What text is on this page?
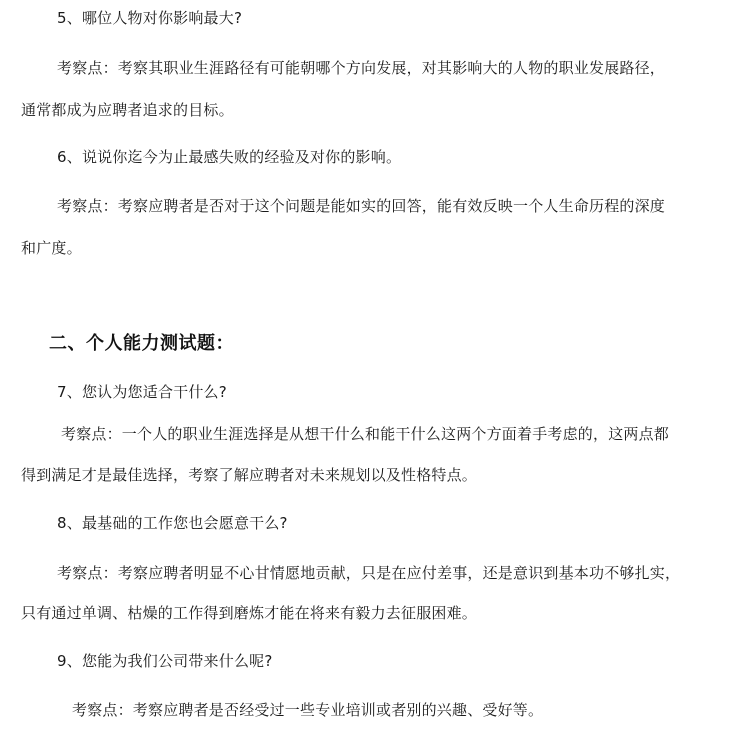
5、哪位人物对你影响最大?
考察点：考察其职业生涯路径有可能朝哪个方向发展，对其影响大的人物的职业发展路径，
通常都成为应聘者追求的目标。
6、说说你迄今为止最感失败的经验及对你的影响。
考察点：考察应聘者是否对于这个问题是能如实的回答，能有效反映一个人生命历程的深度
和广度。
二、个人能力测试题：
7、您认为您适合干什么?
考察点：一个人的职业生涯选择是从想干什么和能干什么这两个方面着手考虑的，这两点都
得到满足才是最佳选择，考察了解应聘者对未来规划以及性格特点。
8、最基础的工作您也会愿意干么?
考察点：考察应聘者明显不心甘情愿地贡献，只是在应付差事，还是意识到基本功不够扎实，
只有通过单调、枯燥的工作得到磨炼才能在将来有毅力去征服困难。
9、您能为我们公司带来什么呢?
考察点：考察应聘者是否经受过一些专业培训或者别的兴趣、受好等。
